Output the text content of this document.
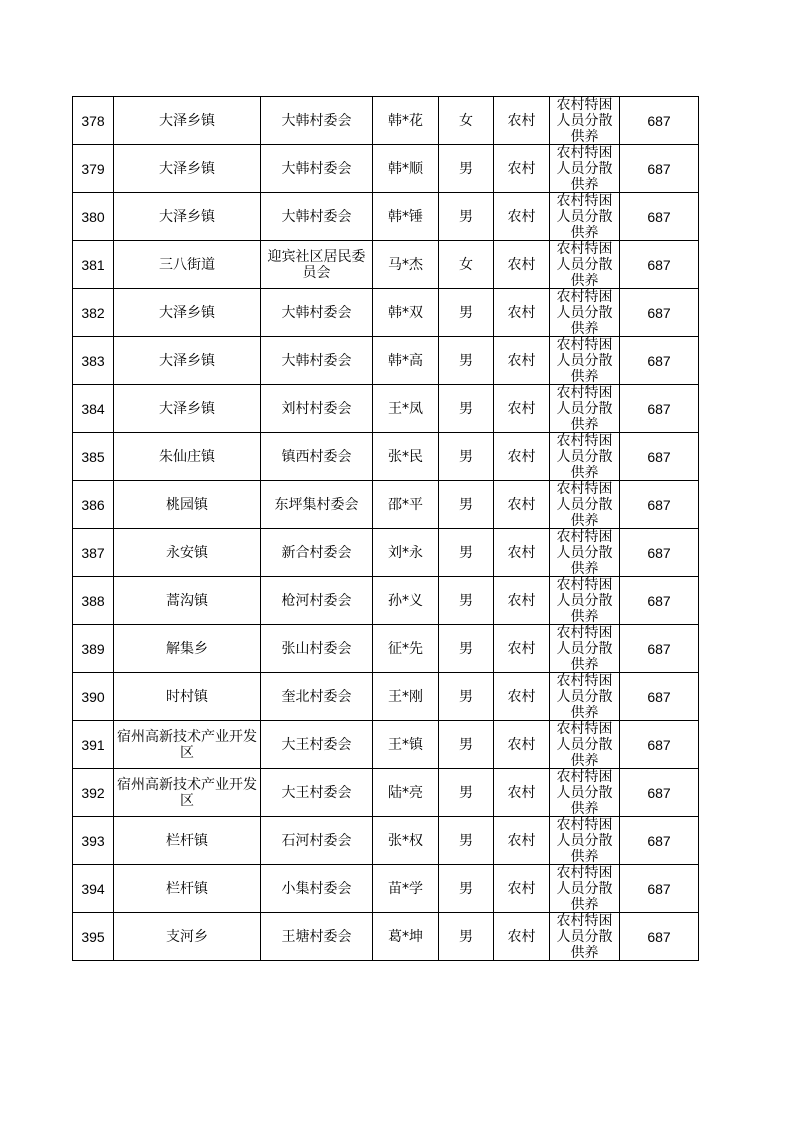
378	大泽乡镇	大韩村委会	韩*花	女	农村	农村特困人员分散供养	687

379	大泽乡镇	大韩村委会	韩*顺	男	农村	农村特困人员分散供养	687

380	大泽乡镇	大韩村委会	韩*锤	男	农村	农村特困人员分散供养	687

381	三八街道	迎宾社区居民委员会	马*杰	女	农村	农村特困人员分散供养	687

382	大泽乡镇	大韩村委会	韩*双	男	农村	农村特困人员分散供养	687

383	大泽乡镇	大韩村委会	韩*高	男	农村	农村特困人员分散供养	687

384	大泽乡镇	刘村村委会	王*凤	男	农村	农村特困人员分散供养	687

385	朱仙庄镇	镇西村委会	张*民	男	农村	农村特困人员分散供养	687

386	桃园镇	东坪集村委会	邵*平	男	农村	农村特困人员分散供养	687

387	永安镇	新合村委会	刘*永	男	农村	农村特困人员分散供养	687

388	蒿沟镇	枪河村委会	孙*义	男	农村	农村特困人员分散供养	687

389	解集乡	张山村委会	征*先	男	农村	农村特困人员分散供养	687

390	时村镇	奎北村委会	王*刚	男	农村	农村特困人员分散供养	687

391	宿州高新技术产业开发区	大王村委会	王*镇	男	农村	农村特困人员分散供养	687

392	宿州高新技术产业开发区	大王村委会	陆*亮	男	农村	农村特困人员分散供养	687

393	栏杆镇	石河村委会	张*权	男	农村	农村特困人员分散供养	687

394	栏杆镇	小集村委会	苗*学	男	农村	农村特困人员分散供养	687

395	支河乡	王塘村委会	葛*坤	男	农村	农村特困人员分散供养	687
